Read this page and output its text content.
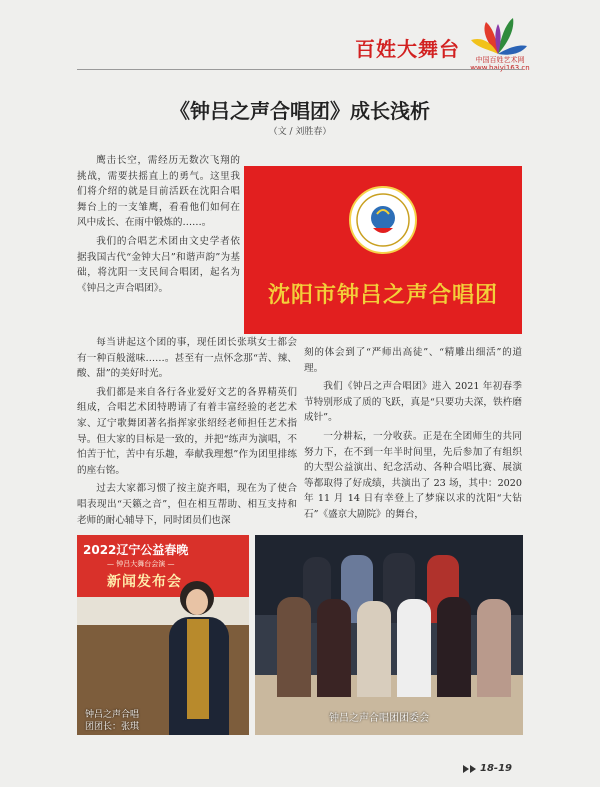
百姓大舞台	中国百姓艺术网
www.baiyi163.cn
《钟吕之声合唱团》成长浅析
（文 / 刘胜春）

鹰击长空，需经历无数次飞翔的挑战，需要扶摇直上的勇气。这里我们将介绍的就是目前活跃在沈阳合唱舞台上的一支雏鹰，看看他们如何在风中成长、在雨中锻炼的……。

我们的合唱艺术团由文史学者依据我国古代“金钟大吕”和谐声韵”为基础，将沈阳一支民间合唱团，起名为《钟吕之声合唱团》。	沈阳市钟吕之声合唱团

每当讲起这个团的事，现任团长张琪女士都会有一种百般滋味……。甚至有一点怀念那“苦、辣、酸、甜”的美好时光。

我们都是来自各行各业爱好文艺的各界精英们组成，合唱艺术团特聘请了有着丰富经验的老艺术家、辽宁歌舞团著名指挥家张绍经老师担任艺术指导。但大家的目标是一致的，并把“练声为演唱，不怕苦于忙，苦中有乐趣，奉献我理想”作为团里排练的座右铭。

过去大家都习惯了按主旋齐唱，现在为了使合唱表现出“天籁之音”，但在相互帮助、相互支持和老师的耐心辅导下，同时团员们也深

刻的体会到了“严师出高徒”、“精雕出细活”的道理。

我们《钟吕之声合唱团》进入 2021 年初春季节特别形成了质的飞跃，真是“只要功夫深，铁杵磨成针”。

一分耕耘，一分收获。正是在全团师生的共同努力下，在不到一年半时间里，先后参加了有组织的大型公益演出、纪念活动、各种合唱比赛、展演等都取得了好成绩，共演出了 23 场，其中：2020 年 11 月 14 日有幸登上了梦寐以求的沈阳“大钻石”《盛京大剧院》的舞台，

2022辽宁公益春晚
— 钟吕大舞台会演 —
新闻发布会
钟吕之声合唱
团团长：张琪
钟吕之声合唱团团委会
18-19
